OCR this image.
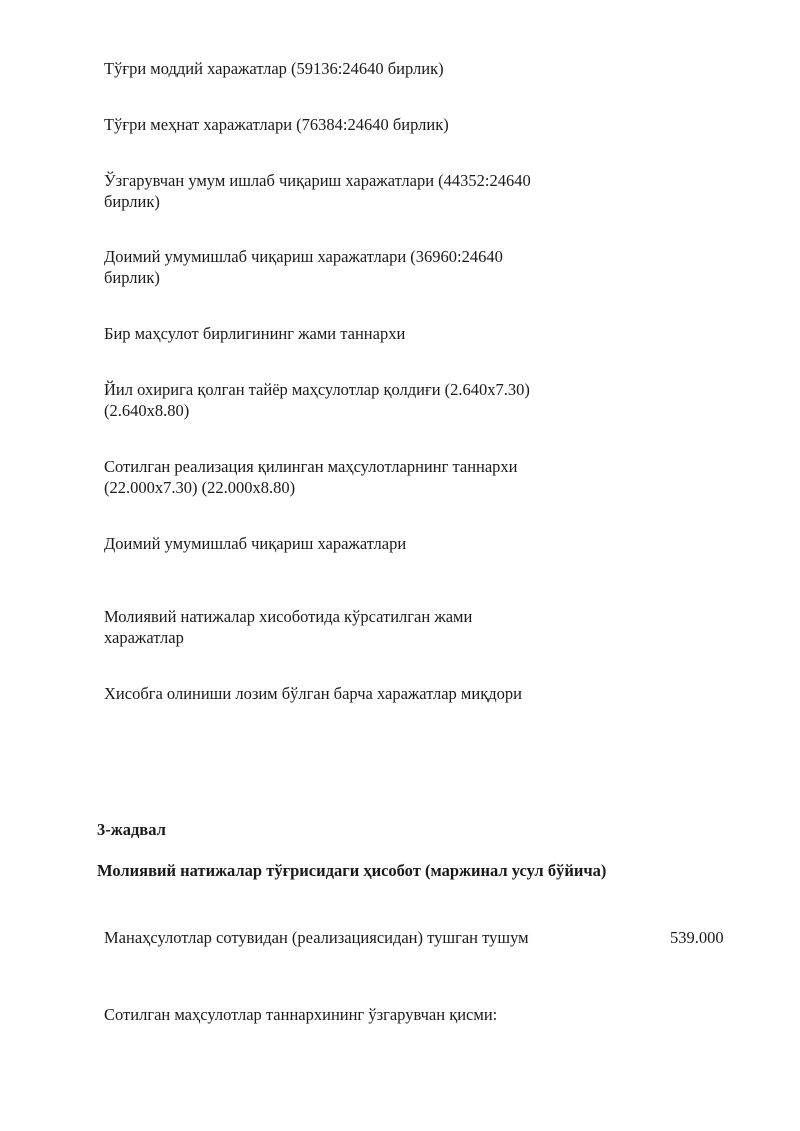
Тўғри моддий харажатлар (59136:24640 бирлик)

Тўғри меҳнат харажатлари (76384:24640 бирлик)

Ўзгарувчан умум ишлаб чиқариш харажатлари (44352:24640 бирлик)

Доимий умумишлаб чиқариш харажатлари (36960:24640 бирлик)

Бир маҳсулот бирлигининг жами таннархи

Йил охирига қолган тайёр маҳсулотлар қолдиғи (2.640х7.30) (2.640х8.80)

Сотилган реализация қилинган маҳсулотларнинг таннархи (22.000х7.30) (22.000х8.80)

Доимий умумишлаб чиқариш харажатлари

Молиявий натижалар хисоботида кўрсатилган жами харажатлар

Хисобга олиниши лозим бўлган барча харажатлар миқдори

3-жадвал

Молиявий натижалар тўғрисидаги ҳисобот (маржинал усул бўйича)

Манаҳсулотлар сотувидан (реализациясидан) тушган тушум	539.000

Сотилган маҳсулотлар таннархининг ўзгарувчан қисми:
